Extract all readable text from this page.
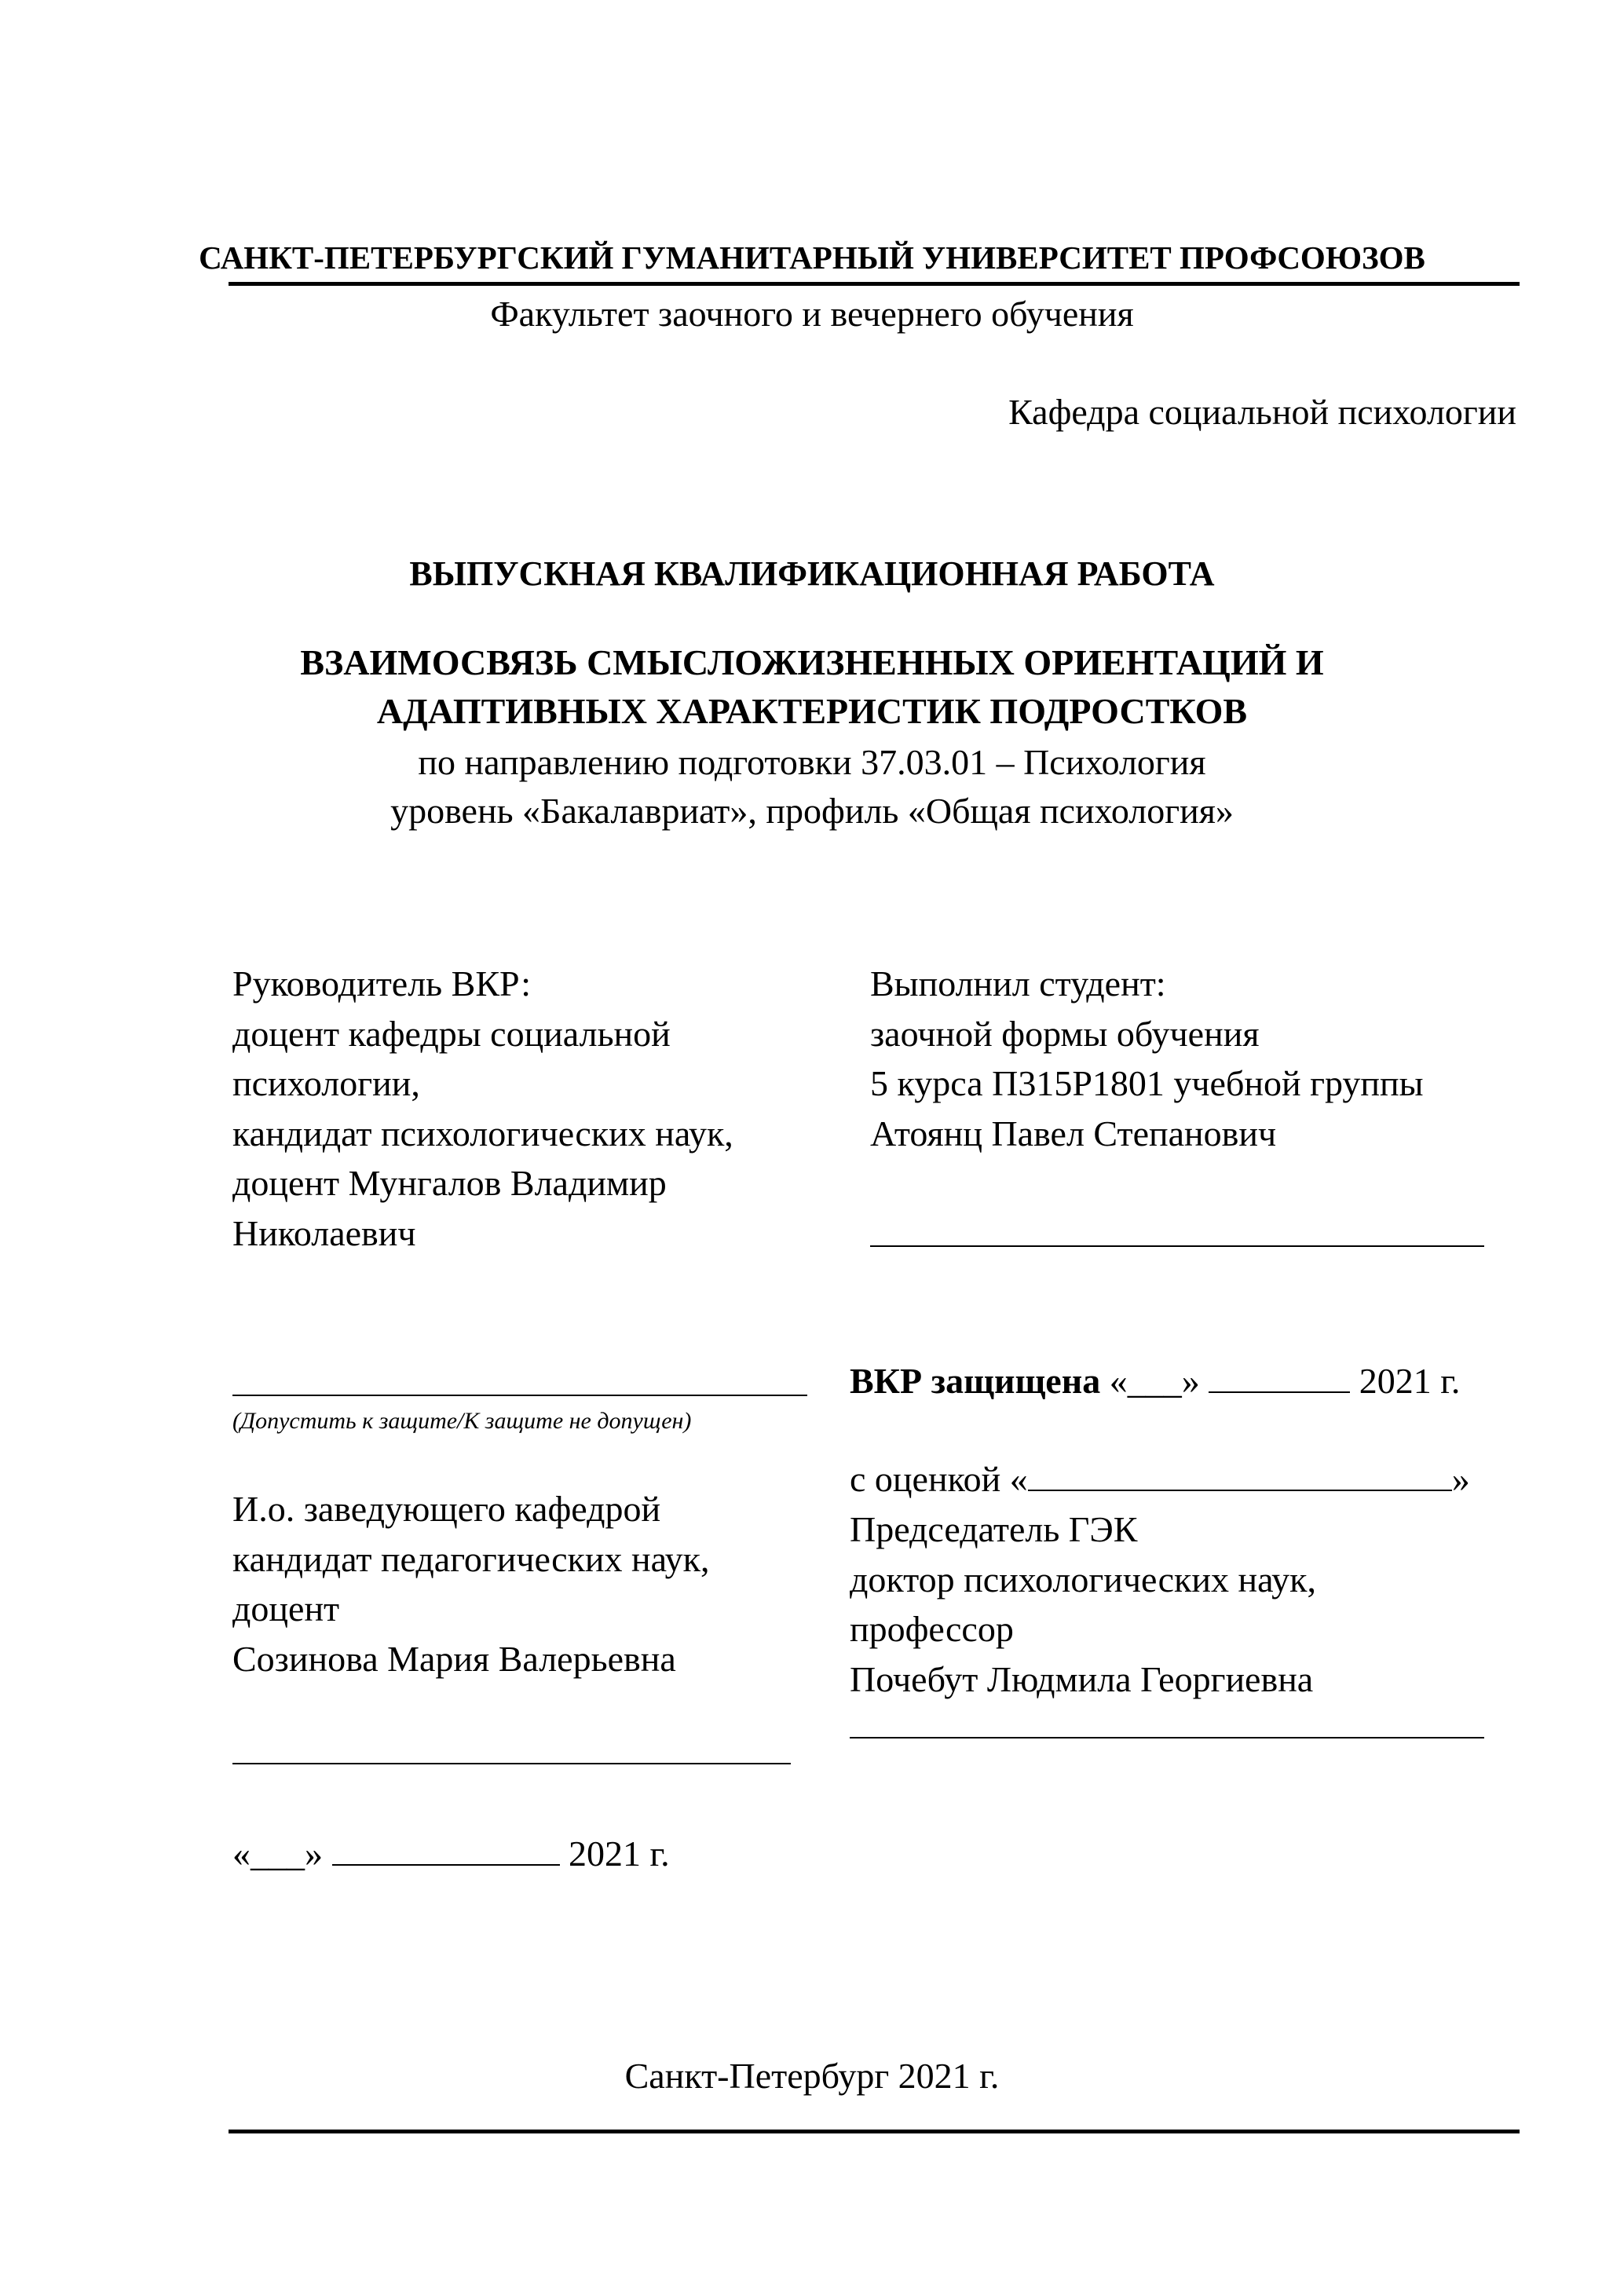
САНКТ-ПЕТЕРБУРГСКИЙ ГУМАНИТАРНЫЙ УНИВЕРСИТЕТ ПРОФСОЮЗОВ
Факультет заочного и вечернего обучения
Кафедра социальной психологии
ВЫПУСКНАЯ КВАЛИФИКАЦИОННАЯ РАБОТА
ВЗАИМОСВЯЗЬ СМЫСЛОЖИЗНЕННЫХ ОРИЕНТАЦИЙ И
АДАПТИВНЫХ ХАРАКТЕРИСТИК ПОДРОСТКОВ
по направлению подготовки 37.03.01 – Психология
уровень «Бакалавриат», профиль «Общая психология»
Руководитель ВКР:
доцент кафедры социальной
психологии,
кандидат психологических наук,
доцент Мунгалов Владимир
Николаевич
Выполнил студент:
заочной формы обучения
5 курса П315Р1801 учебной группы
Атоянц Павел Степанович
(Допустить к защите/К защите не допущен)
ВКР защищена «___»	2021 г.
с оценкой «	»
Председатель ГЭК
доктор психологических наук,
профессор
Почебут Людмила Георгиевна
И.о. заведующего кафедрой
кандидат педагогических наук,
доцент
Созинова Мария Валерьевна
«___»	2021 г.
Санкт-Петербург 2021 г.
